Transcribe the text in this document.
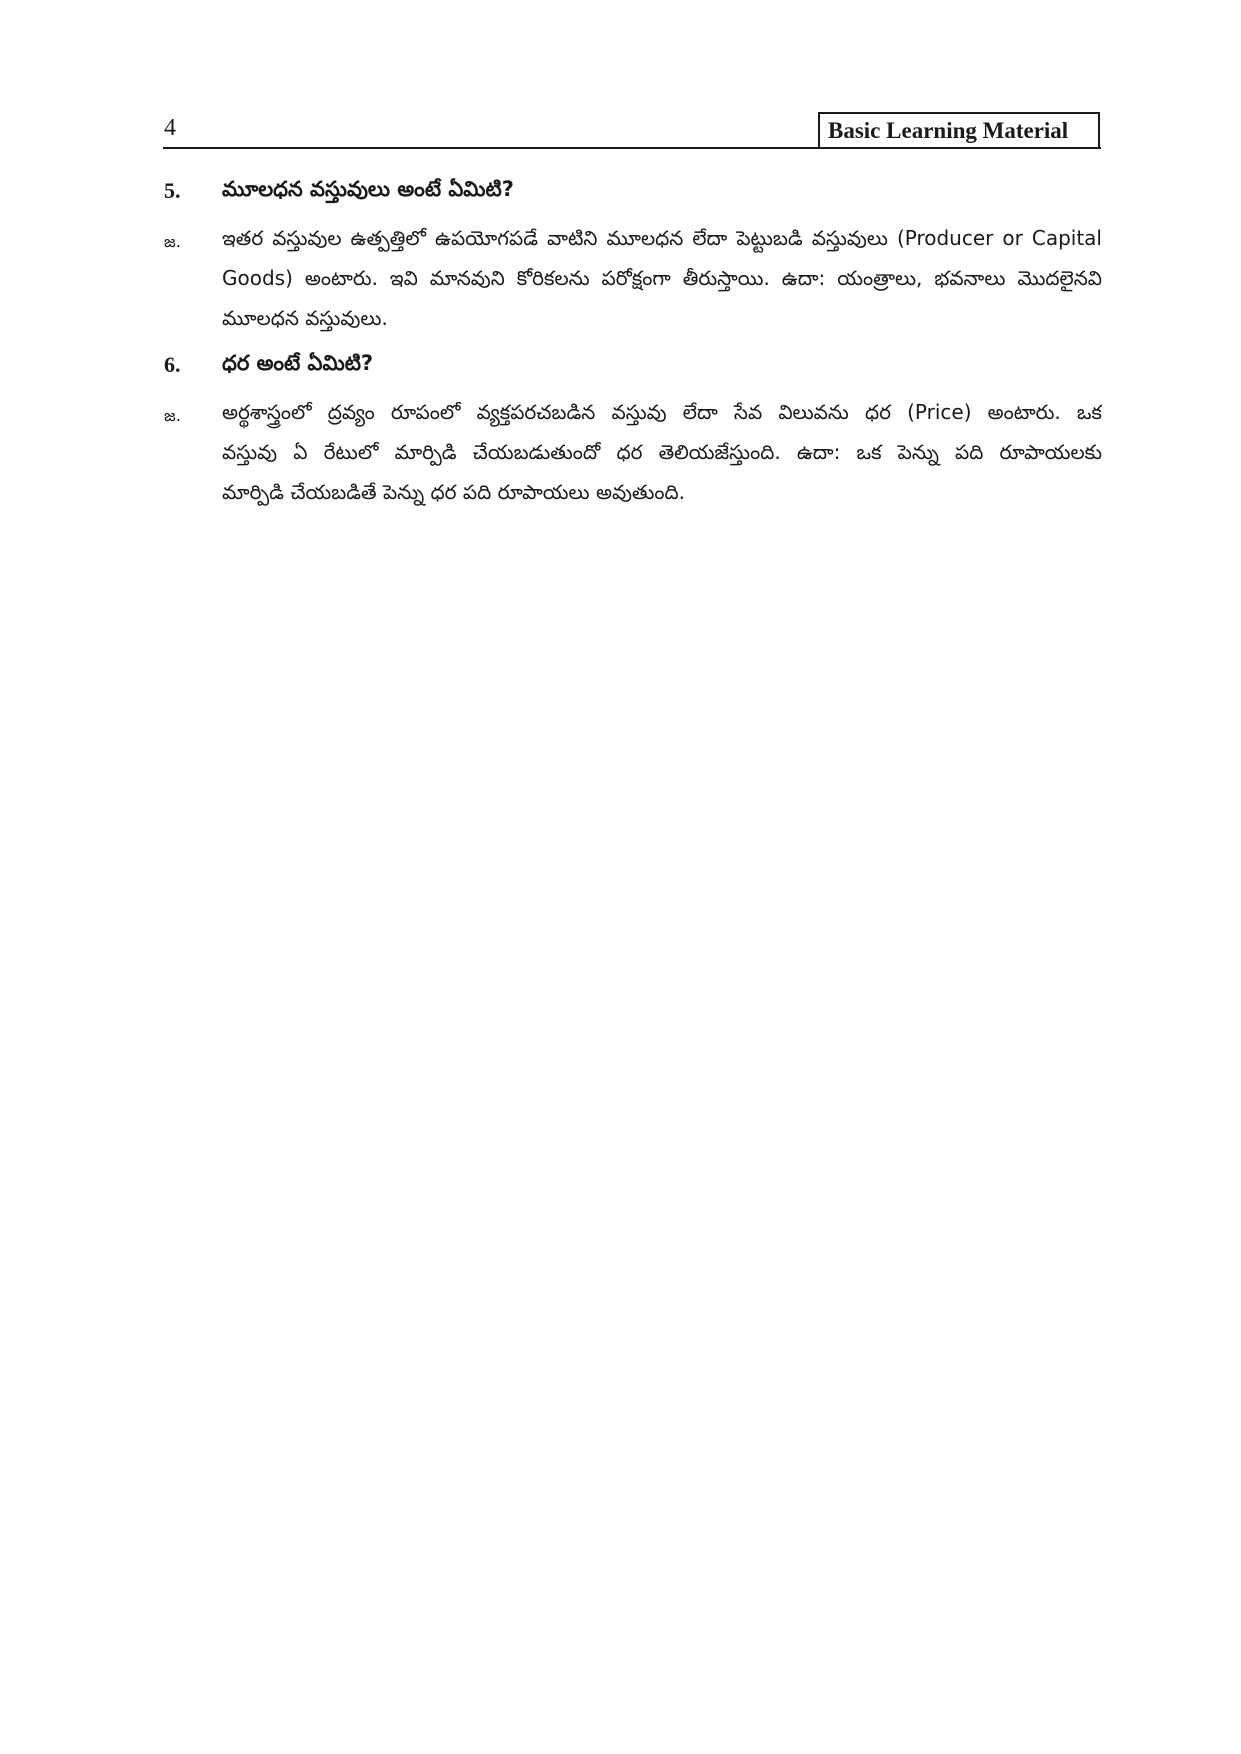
4	Basic Learning Material
5. మూలధన వస్తువులు అంటే ఏమిటి?
జ. ఇతర వస్తువుల ఉత్పత్తిలో ఉపయోగపడే వాటిని మూలధన లేదా పెట్టుబడి వస్తువులు (Producer or Capital
Goods) అంటారు. ఇవి మానవుని కోరికలను పరోక్షంగా తీరుస్తాయి. ఉదా: యంత్రాలు, భవనాలు మొదలైనవి
మూలధన వస్తువులు.
6. ధర అంటే ఏమిటి?
జ. అర్థశాస్త్రంలో ద్రవ్యం రూపంలో వ్యక్తపరచబడిన వస్తువు లేదా సేవ విలువను ధర (Price) అంటారు. ఒక
వస్తువు ఏ రేటులో మార్పిడి చేయబడుతుందో ధర తెలియజేస్తుంది. ఉదా: ఒక పెన్ను పది రూపాయలకు
మార్పిడి చేయబడితే పెన్ను ధర పది రూపాయలు అవుతుంది.
